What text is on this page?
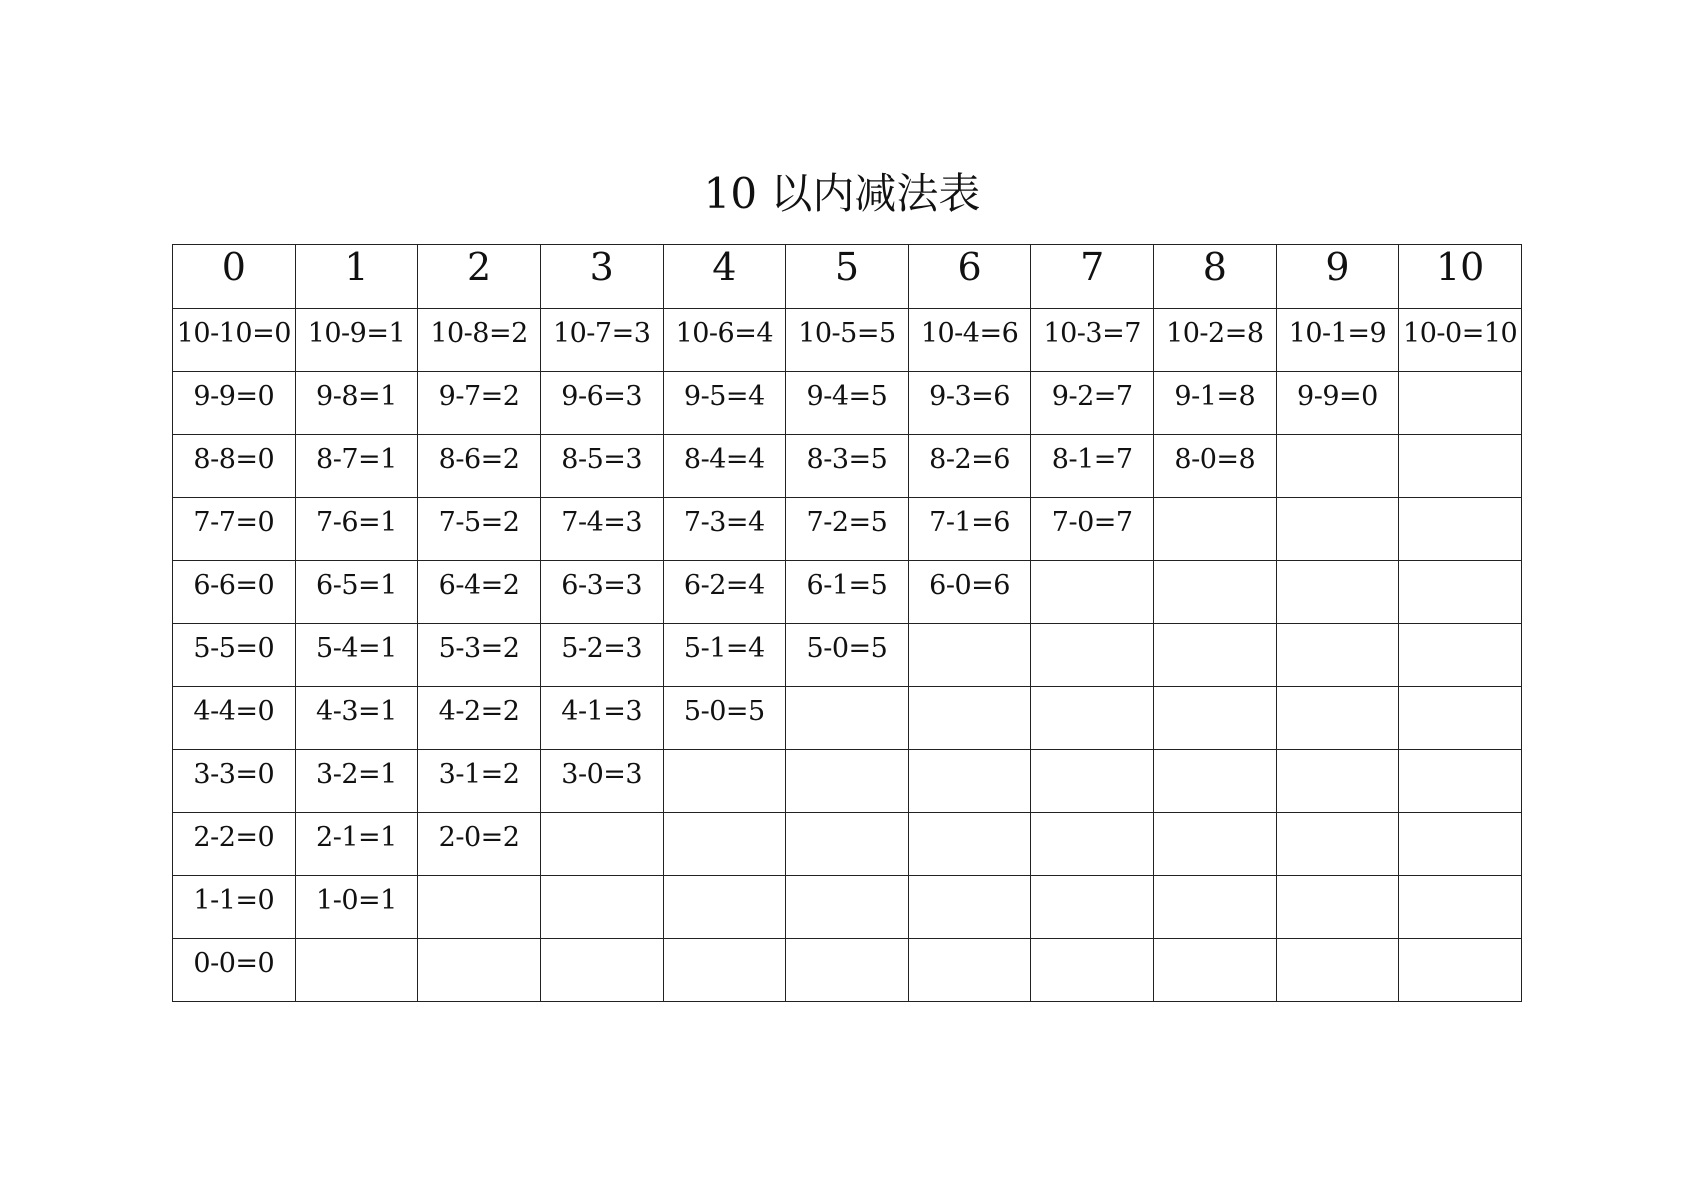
10 以内减法表
0	1	2	3	4	5	6	7	8	9	10
10-10=0	10-9=1	10-8=2	10-7=3	10-6=4	10-5=5	10-4=6	10-3=7	10-2=8	10-1=9	10-0=10
9-9=0	9-8=1	9-7=2	9-6=3	9-5=4	9-4=5	9-3=6	9-2=7	9-1=8	9-9=0	
8-8=0	8-7=1	8-6=2	8-5=3	8-4=4	8-3=5	8-2=6	8-1=7	8-0=8		
7-7=0	7-6=1	7-5=2	7-4=3	7-3=4	7-2=5	7-1=6	7-0=7			
6-6=0	6-5=1	6-4=2	6-3=3	6-2=4	6-1=5	6-0=6				
5-5=0	5-4=1	5-3=2	5-2=3	5-1=4	5-0=5					
4-4=0	4-3=1	4-2=2	4-1=3	5-0=5						
3-3=0	3-2=1	3-1=2	3-0=3							
2-2=0	2-1=1	2-0=2								
1-1=0	1-0=1									
0-0=0										
